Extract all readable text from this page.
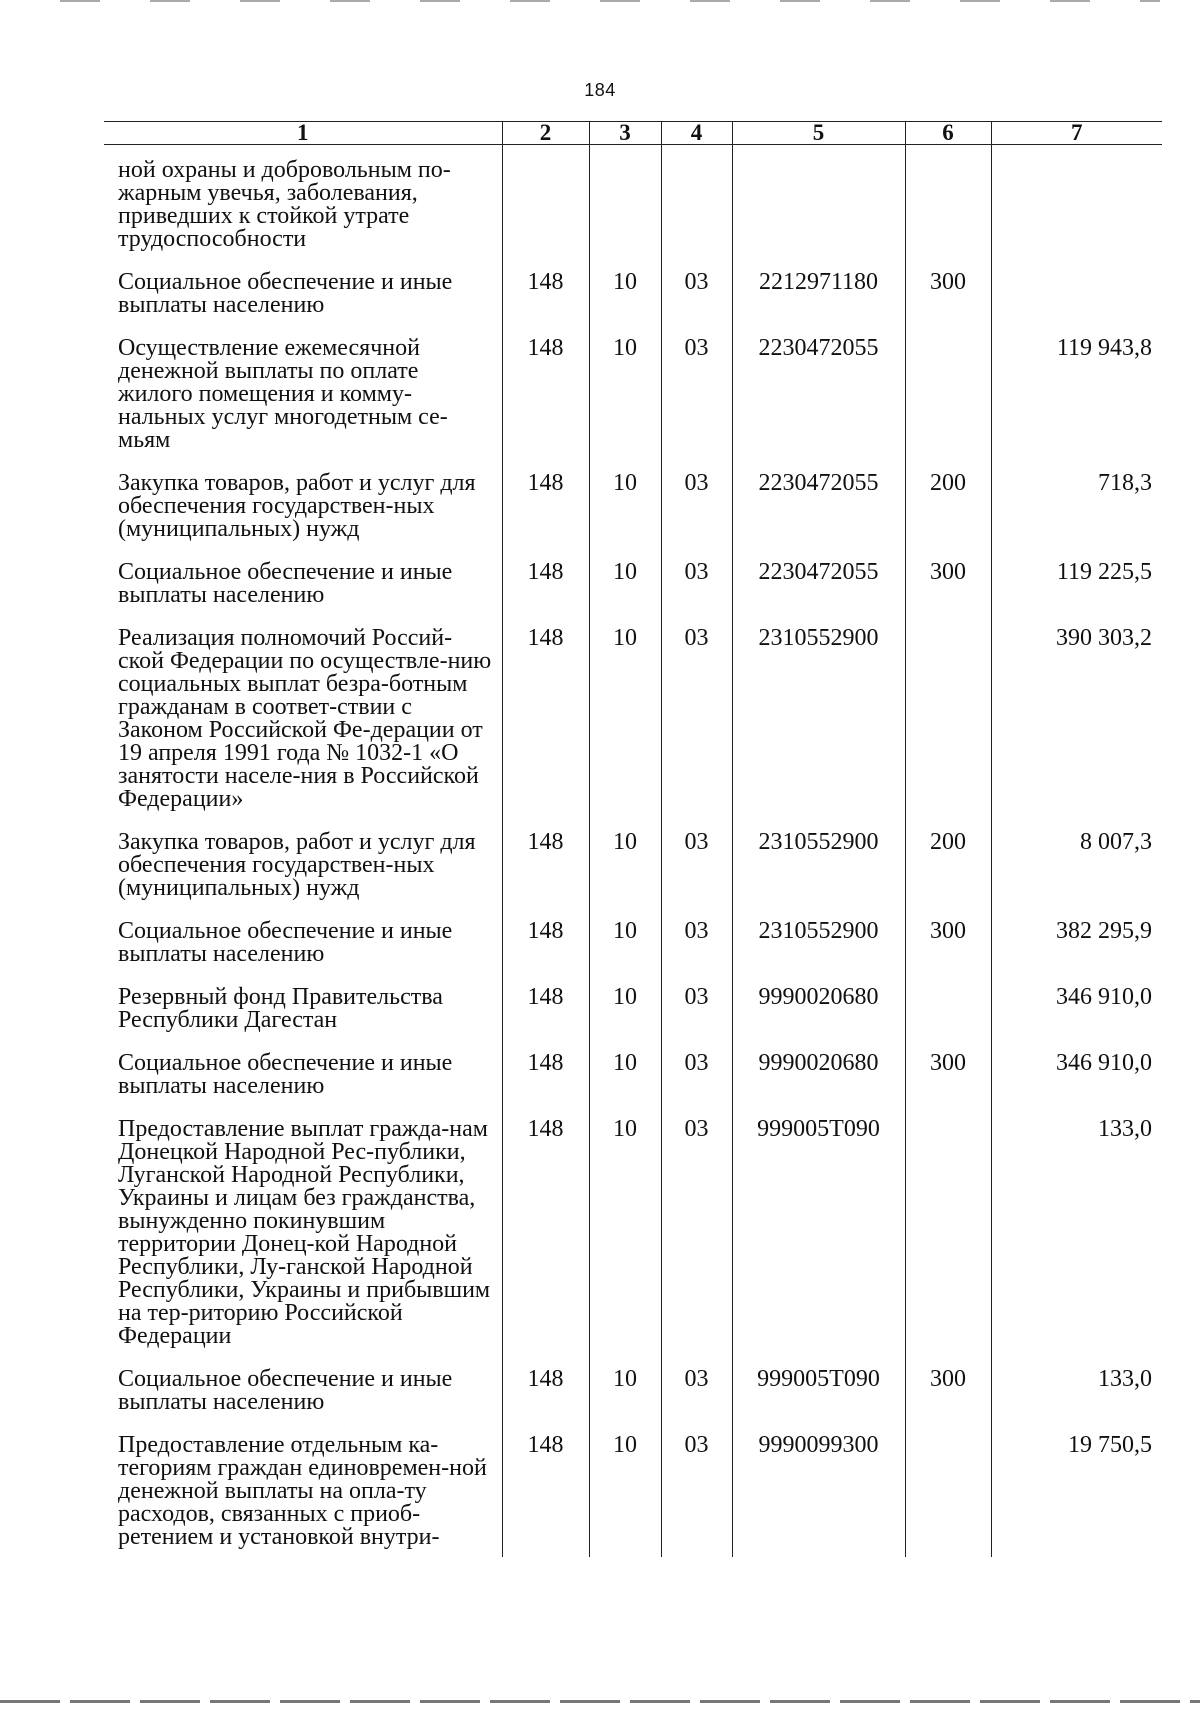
184
1	2	3	4	5	6	7
ной охраны и добровольным по-жарным увечья, заболевания, приведших к стойкой утрате трудоспособности						
Социальное обеспечение и иные выплаты населению	148	10	03	2212971180	300	
Осуществление ежемесячной денежной выплаты по оплате жилого помещения и комму-нальных услуг многодетным се-мьям	148	10	03	2230472055		119 943,8
Закупка товаров, работ и услуг для обеспечения государствен-ных (муниципальных) нужд	148	10	03	2230472055	200	718,3
Социальное обеспечение и иные выплаты населению	148	10	03	2230472055	300	119 225,5
Реализация полномочий Россий-ской Федерации по осуществле-нию социальных выплат безра-ботным гражданам в соответ-ствии с Законом Российской Фе-дерации от 19 апреля 1991 года № 1032-1 «О занятости населе-ния в Российской Федерации»	148	10	03	2310552900		390 303,2
Закупка товаров, работ и услуг для обеспечения государствен-ных (муниципальных) нужд	148	10	03	2310552900	200	8 007,3
Социальное обеспечение и иные выплаты населению	148	10	03	2310552900	300	382 295,9
Резервный фонд Правительства Республики Дагестан	148	10	03	9990020680		346 910,0
Социальное обеспечение и иные выплаты населению	148	10	03	9990020680	300	346 910,0
Предоставление выплат гражда-нам Донецкой Народной Рес-публики, Луганской Народной Республики, Украины и лицам без гражданства, вынужденно покинувшим территории Донец-кой Народной Республики, Лу-ганской Народной Республики, Украины и прибывшим на тер-риторию Российской Федерации	148	10	03	999005T090		133,0
Социальное обеспечение и иные выплаты населению	148	10	03	999005T090	300	133,0
Предоставление отдельным ка-тегориям граждан единовремен-ной денежной выплаты на опла-ту расходов, связанных с приоб-ретением и установкой внутри-	148	10	03	9990099300		19 750,5
